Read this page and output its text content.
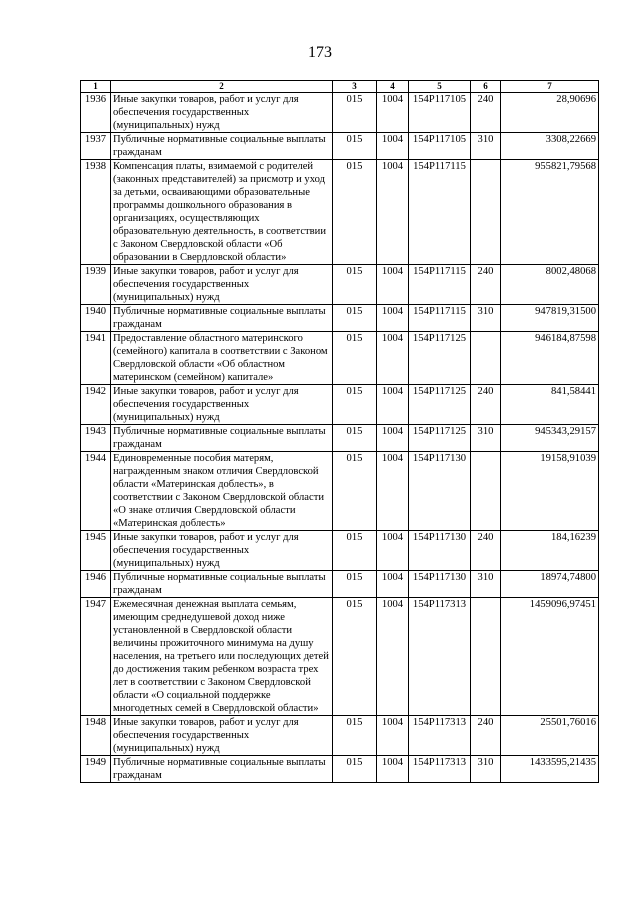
173
1	2	3	4	5	6	7
1936	Иные закупки товаров, работ и услуг для обеспечения государственных (муниципальных) нужд	015	1004	154P117105	240	28,90696
1937	Публичные нормативные социальные выплаты гражданам	015	1004	154P117105	310	3308,22669
1938	Компенсация платы, взимаемой с родителей (законных представителей) за присмотр и уход за детьми, осваивающими образовательные программы дошкольного образования в организациях, осуществляющих образовательную деятельность, в соответствии с Законом Свердловской области «Об образовании в Свердловской области»	015	1004	154P117115		955821,79568
1939	Иные закупки товаров, работ и услуг для обеспечения государственных (муниципальных) нужд	015	1004	154P117115	240	8002,48068
1940	Публичные нормативные социальные выплаты гражданам	015	1004	154P117115	310	947819,31500
1941	Предоставление областного материнского (семейного) капитала в соответствии с Законом Свердловской области «Об областном материнском (семейном) капитале»	015	1004	154P117125		946184,87598
1942	Иные закупки товаров, работ и услуг для обеспечения государственных (муниципальных) нужд	015	1004	154P117125	240	841,58441
1943	Публичные нормативные социальные выплаты гражданам	015	1004	154P117125	310	945343,29157
1944	Единовременные пособия матерям, награжденным знаком отличия Свердловской области «Материнская доблесть», в соответствии с Законом Свердловской области «О знаке отличия Свердловской области «Материнская доблесть»	015	1004	154P117130		19158,91039
1945	Иные закупки товаров, работ и услуг для обеспечения государственных (муниципальных) нужд	015	1004	154P117130	240	184,16239
1946	Публичные нормативные социальные выплаты гражданам	015	1004	154P117130	310	18974,74800
1947	Ежемесячная денежная выплата семьям, имеющим среднедушевой доход ниже установленной в Свердловской области величины прожиточного минимума на душу населения, на третьего или последующих детей до достижения таким ребенком возраста трех лет в соответствии с Законом Свердловской области «О социальной поддержке многодетных семей в Свердловской области»	015	1004	154P117313		1459096,97451
1948	Иные закупки товаров, работ и услуг для обеспечения государственных (муниципальных) нужд	015	1004	154P117313	240	25501,76016
1949	Публичные нормативные социальные выплаты гражданам	015	1004	154P117313	310	1433595,21435
